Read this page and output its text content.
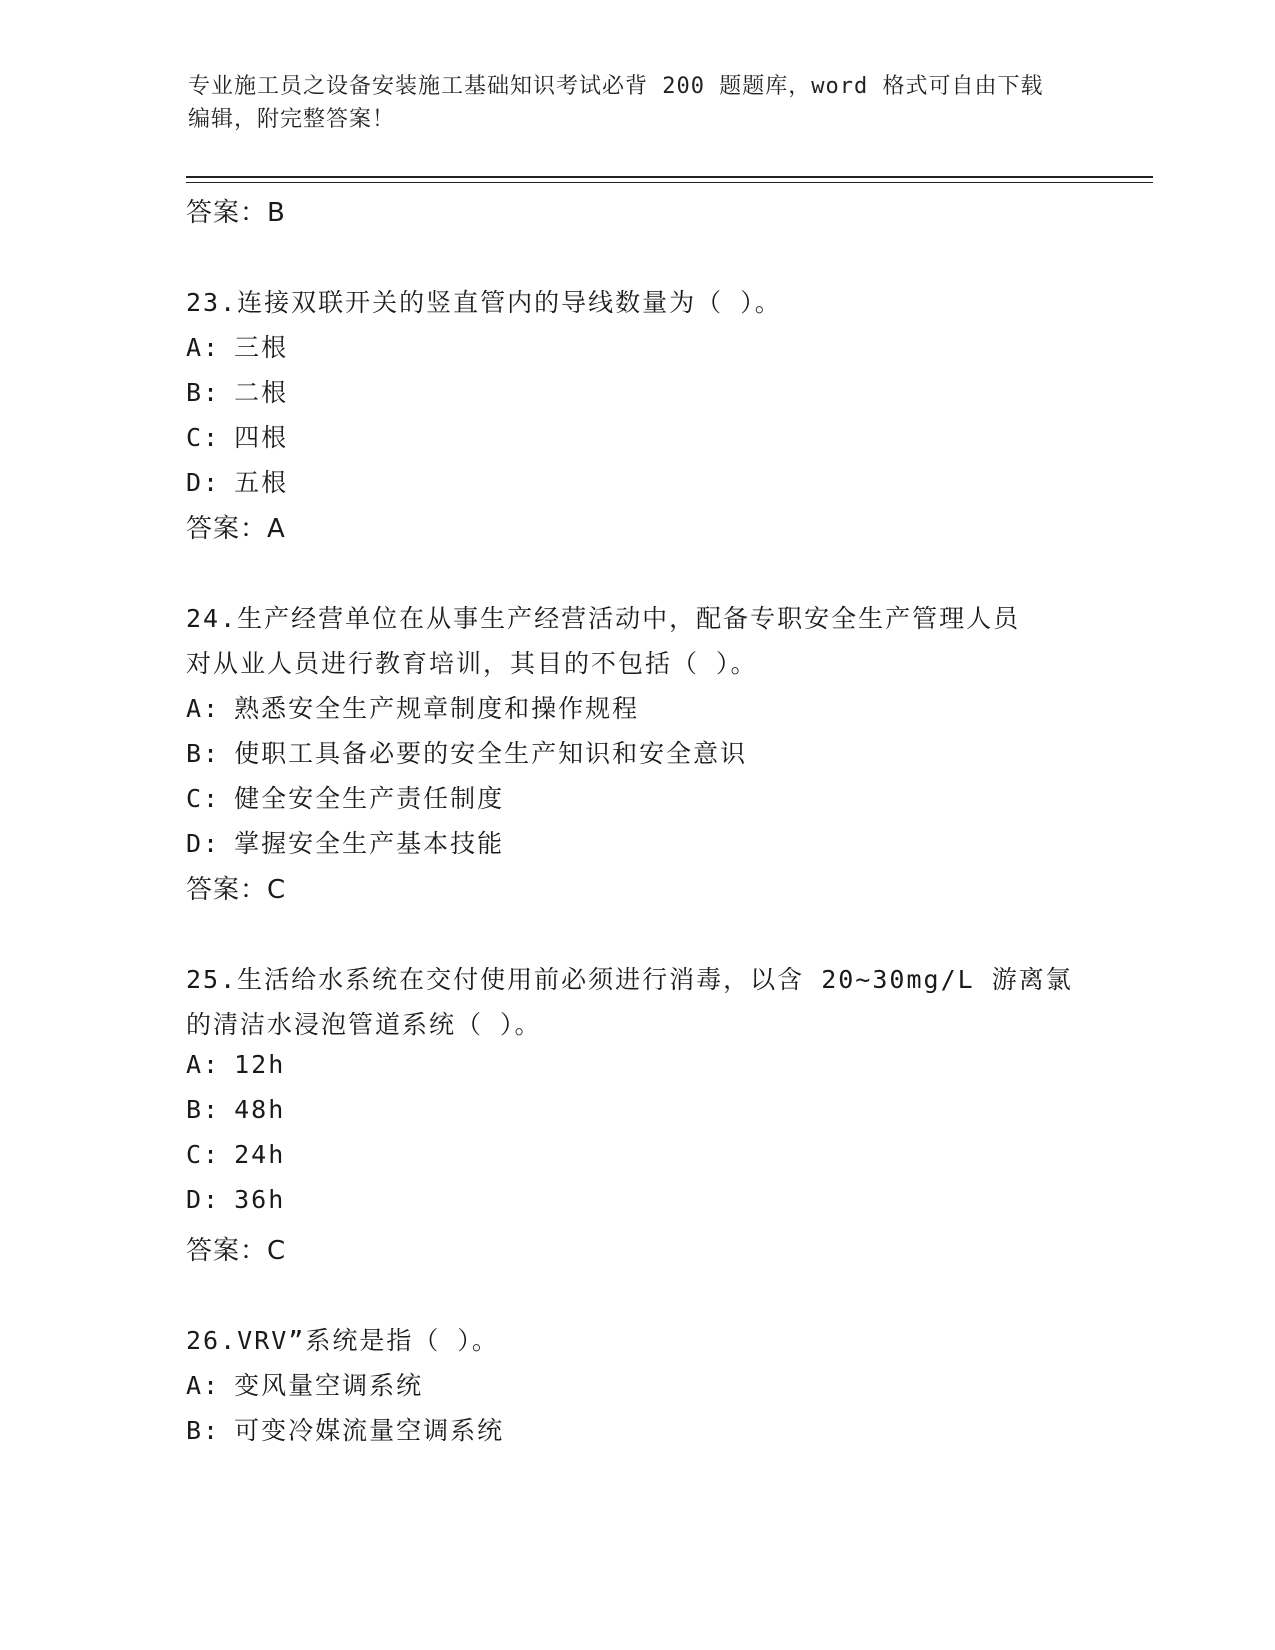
专业施工员之设备安装施工基础知识考试必背 200 题题库，word 格式可自由下载
编辑，附完整答案！
答案：B
23.连接双联开关的竖直管内的导线数量为（ ）。
A: 三根
B: 二根
C: 四根
D: 五根
答案：A
24.生产经营单位在从事生产经营活动中，配备专职安全生产管理人员
对从业人员进行教育培训，其目的不包括（ ）。
A: 熟悉安全生产规章制度和操作规程
B: 使职工具备必要的安全生产知识和安全意识
C: 健全安全生产责任制度
D: 掌握安全生产基本技能
答案：C
25.生活给水系统在交付使用前必须进行消毒，以含 20~30mg/L 游离氯
的清洁水浸泡管道系统（ ）。
A: 12h
B: 48h
C: 24h
D: 36h
答案：C
26.VRV”系统是指（ ）。
A: 变风量空调系统
B: 可变冷媒流量空调系统
